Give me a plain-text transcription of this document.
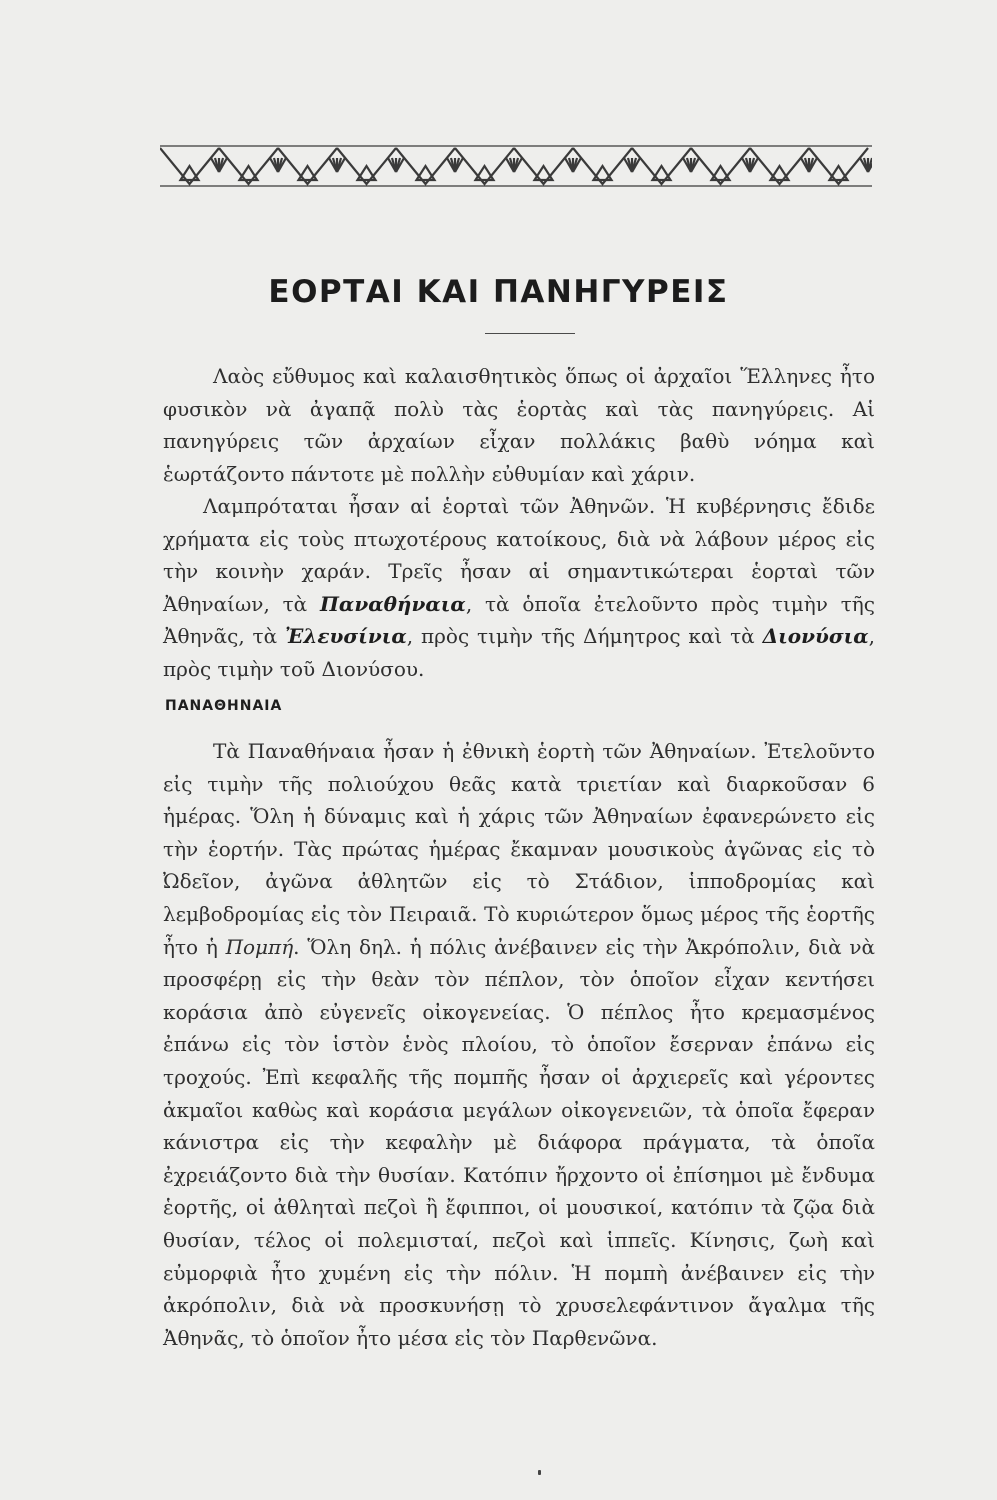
ΕΟΡΤΑΙ ΚΑΙ ΠΑΝΗΓΥΡΕΙΣ
Λαὸς εὔθυμος καὶ καλαισθητικὸς ὅπως οἱ ἀρχαῖοι Ἕλληνες ἦτο φυσικὸν νὰ ἀγαπᾷ πολὺ τὰς ἑορτὰς καὶ τὰς πανηγύρεις. Αἱ πανηγύρεις τῶν ἀρχαίων εἶχαν πολλάκις βαθὺ νόημα καὶ ἑωρτάζοντο πάντοτε μὲ πολλὴν εὐθυμίαν καὶ χάριν.
Λαμπρόταται ἦσαν αἱ ἑορταὶ τῶν Ἀθηνῶν. Ἡ κυβέρνησις ἔδιδε χρήματα εἰς τοὺς πτωχοτέρους κατοίκους, διὰ νὰ λάβουν μέρος εἰς τὴν κοινὴν χαράν. Τρεῖς ἦσαν αἱ σημαντικώτεραι ἑορταὶ τῶν Ἀθηναίων, τὰ Παναθήναια, τὰ ὁποῖα ἐτελοῦντο πρὸς τιμὴν τῆς Ἀθηνᾶς, τὰ Ἐλευσίνια, πρὸς τιμὴν τῆς Δήμητρος καὶ τὰ Διονύσια, πρὸς τιμὴν τοῦ Διονύσου.
ΠΑΝΑΘΗΝΑΙΑ
Τὰ Παναθήναια ἦσαν ἡ ἐθνικὴ ἑορτὴ τῶν Ἀθηναίων. Ἐτελοῦντο εἰς τιμὴν τῆς πολιούχου θεᾶς κατὰ τριετίαν καὶ διαρκοῦσαν 6 ἡμέρας. Ὅλη ἡ δύναμις καὶ ἡ χάρις τῶν Ἀθηναίων ἐφανερώνετο εἰς τὴν ἑορτήν. Τὰς πρώτας ἡμέρας ἔκαμναν μουσικοὺς ἀγῶνας εἰς τὸ Ὠδεῖον, ἀγῶνα ἀθλητῶν εἰς τὸ Στάδιον, ἱπποδρομίας καὶ λεμβοδρομίας εἰς τὸν Πειραιᾶ. Τὸ κυριώτερον ὅμως μέρος τῆς ἑορτῆς ἦτο ἡ Πομπή. Ὅλη δηλ. ἡ πόλις ἀνέβαινεν εἰς τὴν Ἀκρόπολιν, διὰ νὰ προσφέρῃ εἰς τὴν θεὰν τὸν πέπλον, τὸν ὁποῖον εἶχαν κεντήσει κοράσια ἀπὸ εὐγενεῖς οἰκογενείας. Ὁ πέπλος ἦτο κρεμασμένος ἐπάνω εἰς τὸν ἱστὸν ἑνὸς πλοίου, τὸ ὁποῖον ἔσερναν ἐπάνω εἰς τροχούς. Ἐπὶ κεφαλῆς τῆς πομπῆς ἦσαν οἱ ἀρχιερεῖς καὶ γέροντες ἀκμαῖοι καθὼς καὶ κοράσια μεγάλων οἰκογενειῶν, τὰ ὁποῖα ἔφεραν κάνιστρα εἰς τὴν κεφαλὴν μὲ διάφορα πράγματα, τὰ ὁποῖα ἐχρειάζοντο διὰ τὴν θυσίαν. Κατόπιν ἤρχοντο οἱ ἐπίσημοι μὲ ἔνδυμα ἑορτῆς, οἱ ἀθληταὶ πεζοὶ ἢ ἔφιπποι, οἱ μουσικοί, κατόπιν τὰ ζῷα διὰ θυσίαν, τέλος οἱ πολεμισταί, πεζοὶ καὶ ἱππεῖς. Κίνησις, ζωὴ καὶ εὐμορφιὰ ἦτο χυμένη εἰς τὴν πόλιν. Ἡ πομπὴ ἀνέβαινεν εἰς τὴν ἀκρόπολιν, διὰ νὰ προσκυνήσῃ τὸ χρυσελεφάντινον ἄγαλμα τῆς Ἀθηνᾶς, τὸ ὁποῖον ἦτο μέσα εἰς τὸν Παρθενῶνα.
